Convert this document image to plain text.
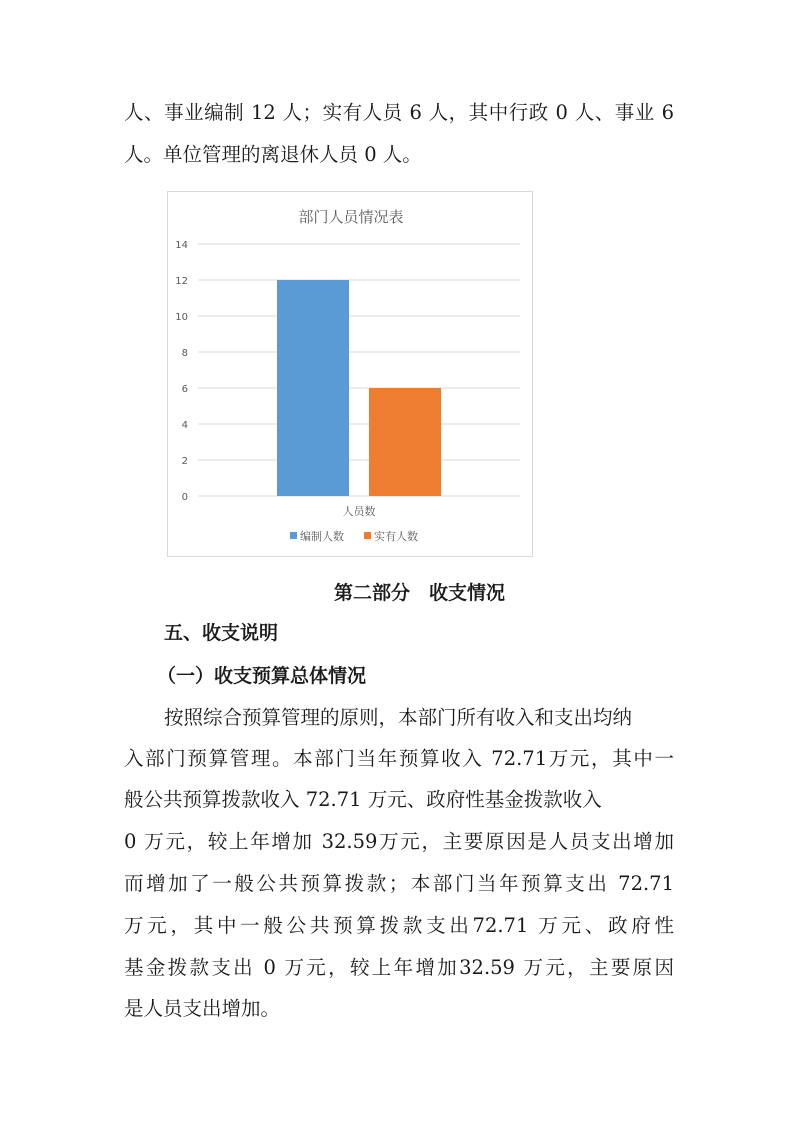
人、事业编制 12 人；实有人员 6 人，其中行政 0 人、事业 6
人。单位管理的离退休人员 0 人。
部门人员情况表
0
2
4
6
8
10
12
14
人员数
编制人数	实有人数
第二部分　收支情况
五、收支说明
（一）收支预算总体情况
按照综合预算管理的原则，本部门所有收入和支出均纳
入部门预算管理。本部门当年预算收入 72.71万元，其中一
般公共预算拨款收入 72.71 万元、政府性基金拨款收入
0 万元，较上年增加 32.59万元，主要原因是人员支出增加
而增加了一般公共预算拨款；本部门当年预算支出 72.71
万元，其中一般公共预算拨款支出72.71 万元、政府性
基金拨款支出 0 万元，较上年增加32.59 万元，主要原因
是人员支出增加。
